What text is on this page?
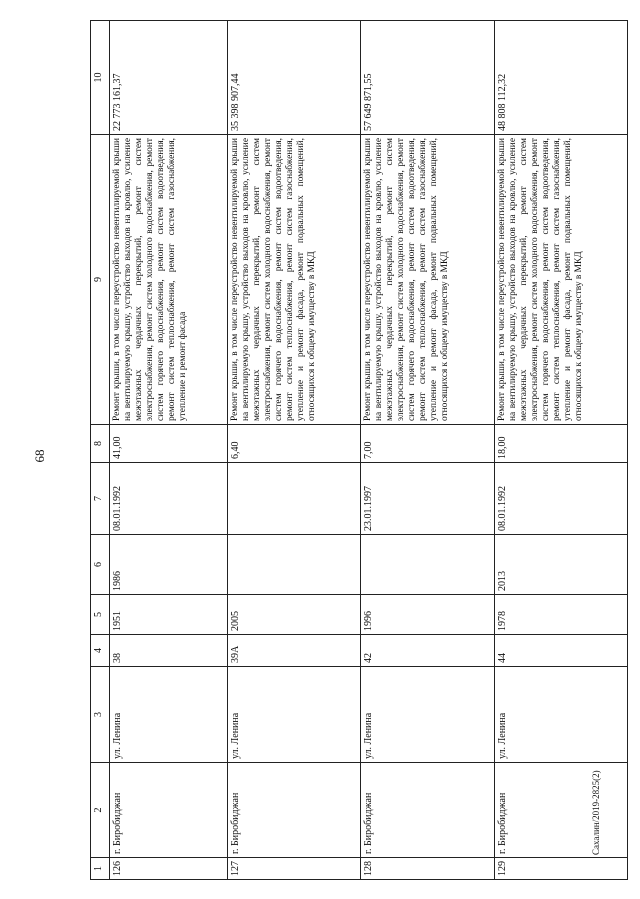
68
1	2	3	4	5	6	7	8	9	10
126	г. Биробиджан	ул. Ленина	38	1951	1986	08.01.1992	41,00	Ремонт крыши, в том числе переустройство невентилируемой крыши на вентилируемую крышу, устройство выходов на кровлю, усиление межэтажных чердачных перекрытий, ремонт систем электроснабжения, ремонт систем холодного водоснабжения, ремонт систем горячего водоснабжения, ремонт систем водоотведения, ремонт систем теплоснабжения, ремонт систем газоснабжения, утепление и ремонт фасада	22 773 161,37
127	г. Биробиджан	ул. Ленина	39А	2005			6,40	Ремонт крыши, в том числе переустройство невентилируемой крыши на вентилируемую крышу, устройство выходов на кровлю, усиление межэтажных чердачных перекрытий, ремонт систем электроснабжения, ремонт систем холодного водоснабжения, ремонт систем горячего водоснабжения, ремонт систем водоотведения, ремонт систем теплоснабжения, ремонт систем газоснабжения, утепление и ремонт фасада, ремонт подвальных помещений, относящихся к общему имуществу в МКД	35 398 907,44
128	г. Биробиджан	ул. Ленина	42	1996		23.01.1997	7,00	Ремонт крыши, в том числе переустройство невентилируемой крыши на вентилируемую крышу, устройство выходов на кровлю, усиление межэтажных чердачных перекрытий, ремонт систем электроснабжения, ремонт систем холодного водоснабжения, ремонт систем горячего водоснабжения, ремонт систем водоотведения, ремонт систем теплоснабжения, ремонт систем газоснабжения, утепление и ремонт фасада, ремонт подвальных помещений, относящихся к общему имуществу в МКД	57 649 871,55
129	г. Биробиджан	ул. Ленина	44	1978	2013	08.01.1992	18,00	Ремонт крыши, в том числе переустройство невентилируемой крыши на вентилируемую крышу, устройство выходов на кровлю, усиление межэтажных чердачных перекрытий, ремонт систем электроснабжения, ремонт систем холодного водоснабжения, ремонт систем горячего водоснабжения, ремонт систем водоотведения, ремонт систем теплоснабжения, ремонт систем газоснабжения, утепление и ремонт фасада, ремонт подвальных помещений, относящихся к общему имуществу в МКД	48 808 112,32
Сахалин/2019-2825(2)
